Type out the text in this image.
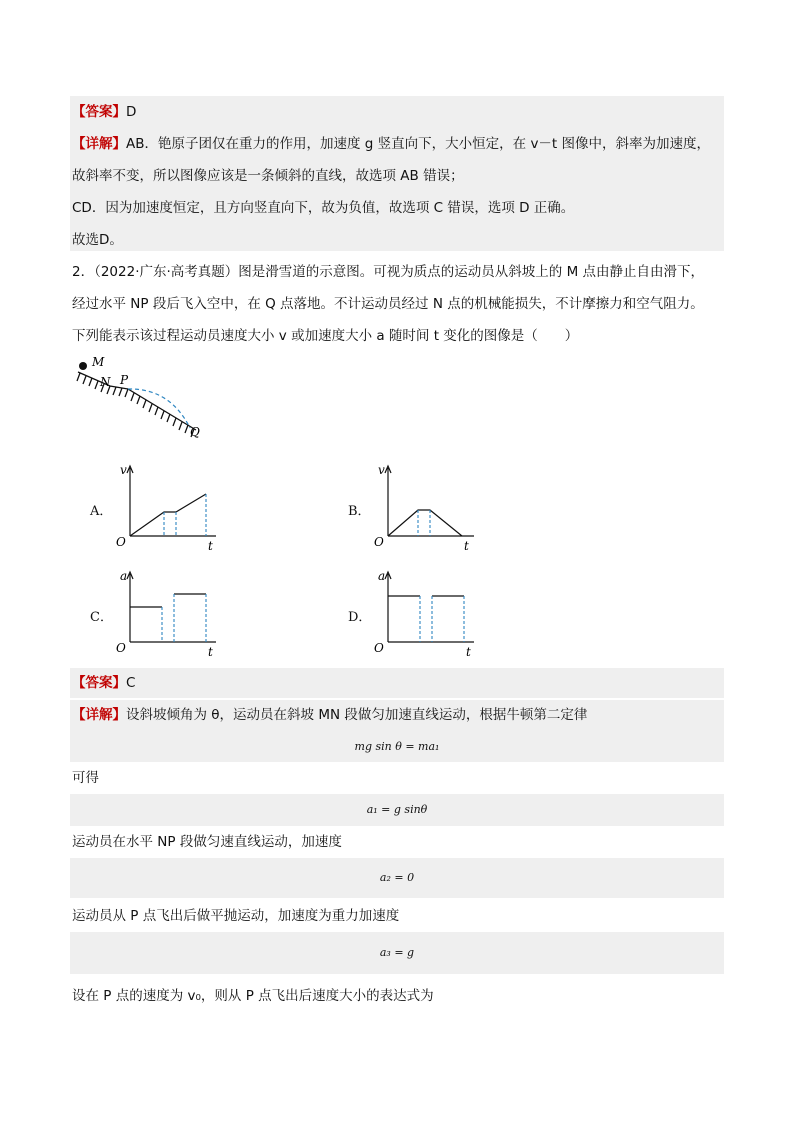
【答案】D
【详解】AB．铯原子团仅在重力的作用，加速度 g 竖直向下，大小恒定，在 v－t 图像中，斜率为加速度，
故斜率不变，所以图像应该是一条倾斜的直线，故选项 AB 错误；
CD．因为加速度恒定，且方向竖直向下，故为负值，故选项 C 错误，选项 D 正确。
故选D。
2．（2022·广东·高考真题）图是滑雪道的示意图。可视为质点的运动员从斜坡上的 M 点由静止自由滑下，
经过水平 NP 段后飞入空中，在 Q 点落地。不计运动员经过 N 点的机械能损失，不计摩擦力和空气阻力。
下列能表示该过程运动员速度大小 v 或加速度大小 a 随时间 t 变化的图像是（　　）
M
N P
Q
A．
v
t
O
B．
v
t
O
C．
a
t
O
D．
a
t
O
【答案】C
【详解】设斜坡倾角为 θ，运动员在斜坡 MN 段做匀加速直线运动，根据牛顿第二定律
mg sin θ = ma₁
可得
a₁ = g sinθ
运动员在水平 NP 段做匀速直线运动，加速度
a₂ = 0
运动员从 P 点飞出后做平抛运动，加速度为重力加速度
a₃ = g
设在 P 点的速度为 v₀，则从 P 点飞出后速度大小的表达式为
